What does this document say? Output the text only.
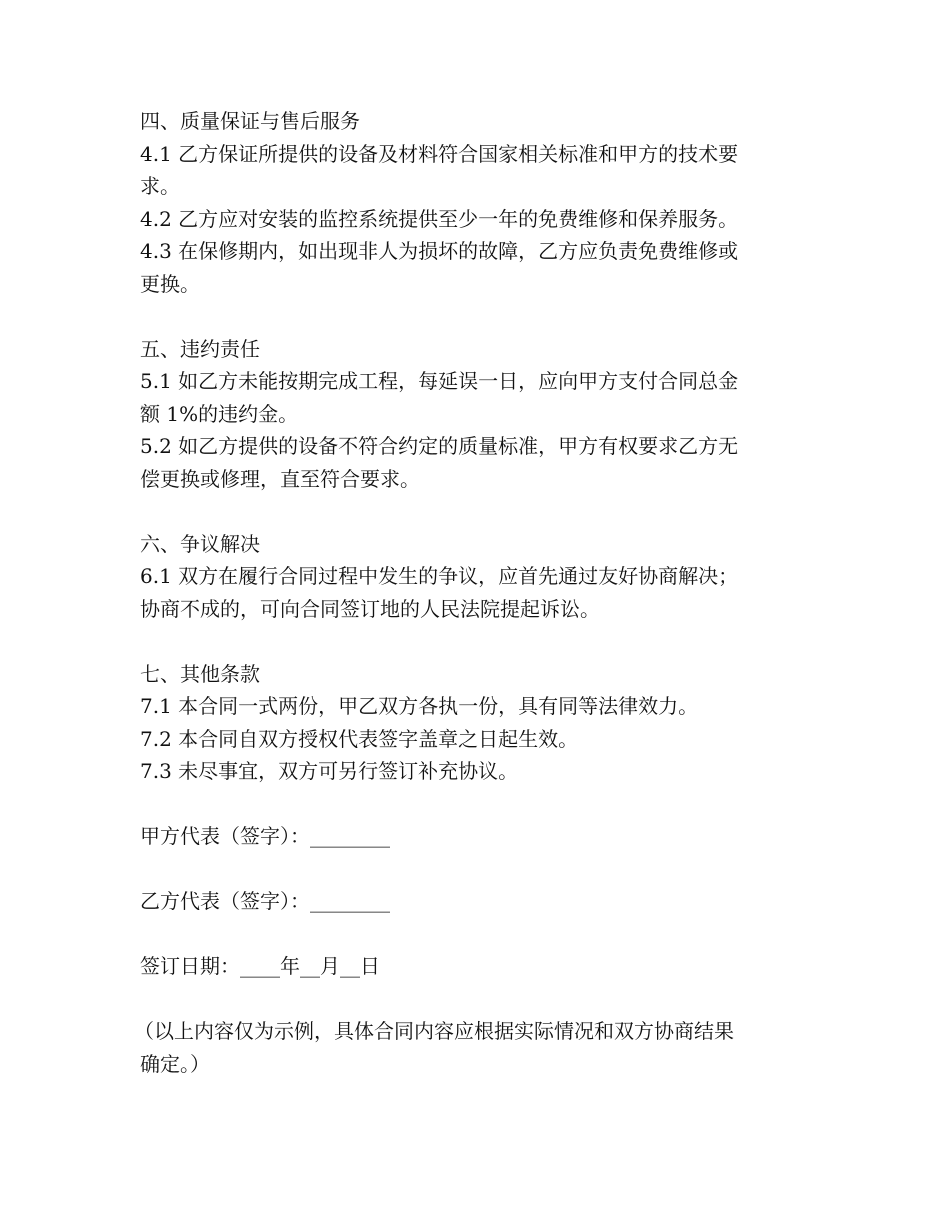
四、质量保证与售后服务
4.1 乙方保证所提供的设备及材料符合国家相关标准和甲方的技术要
求。
4.2 乙方应对安装的监控系统提供至少一年的免费维修和保养服务。
4.3 在保修期内，如出现非人为损坏的故障，乙方应负责免费维修或
更换。
五、违约责任
5.1 如乙方未能按期完成工程，每延误一日，应向甲方支付合同总金
额 1%的违约金。
5.2 如乙方提供的设备不符合约定的质量标准，甲方有权要求乙方无
偿更换或修理，直至符合要求。
六、争议解决
6.1 双方在履行合同过程中发生的争议，应首先通过友好协商解决；
协商不成的，可向合同签订地的人民法院提起诉讼。
七、其他条款
7.1 本合同一式两份，甲乙双方各执一份，具有同等法律效力。
7.2 本合同自双方授权代表签字盖章之日起生效。
7.3 未尽事宜，双方可另行签订补充协议。
甲方代表（签字）：________
乙方代表（签字）：________
签订日期：____年__月__日
（以上内容仅为示例，具体合同内容应根据实际情况和双方协商结果
确定。）
